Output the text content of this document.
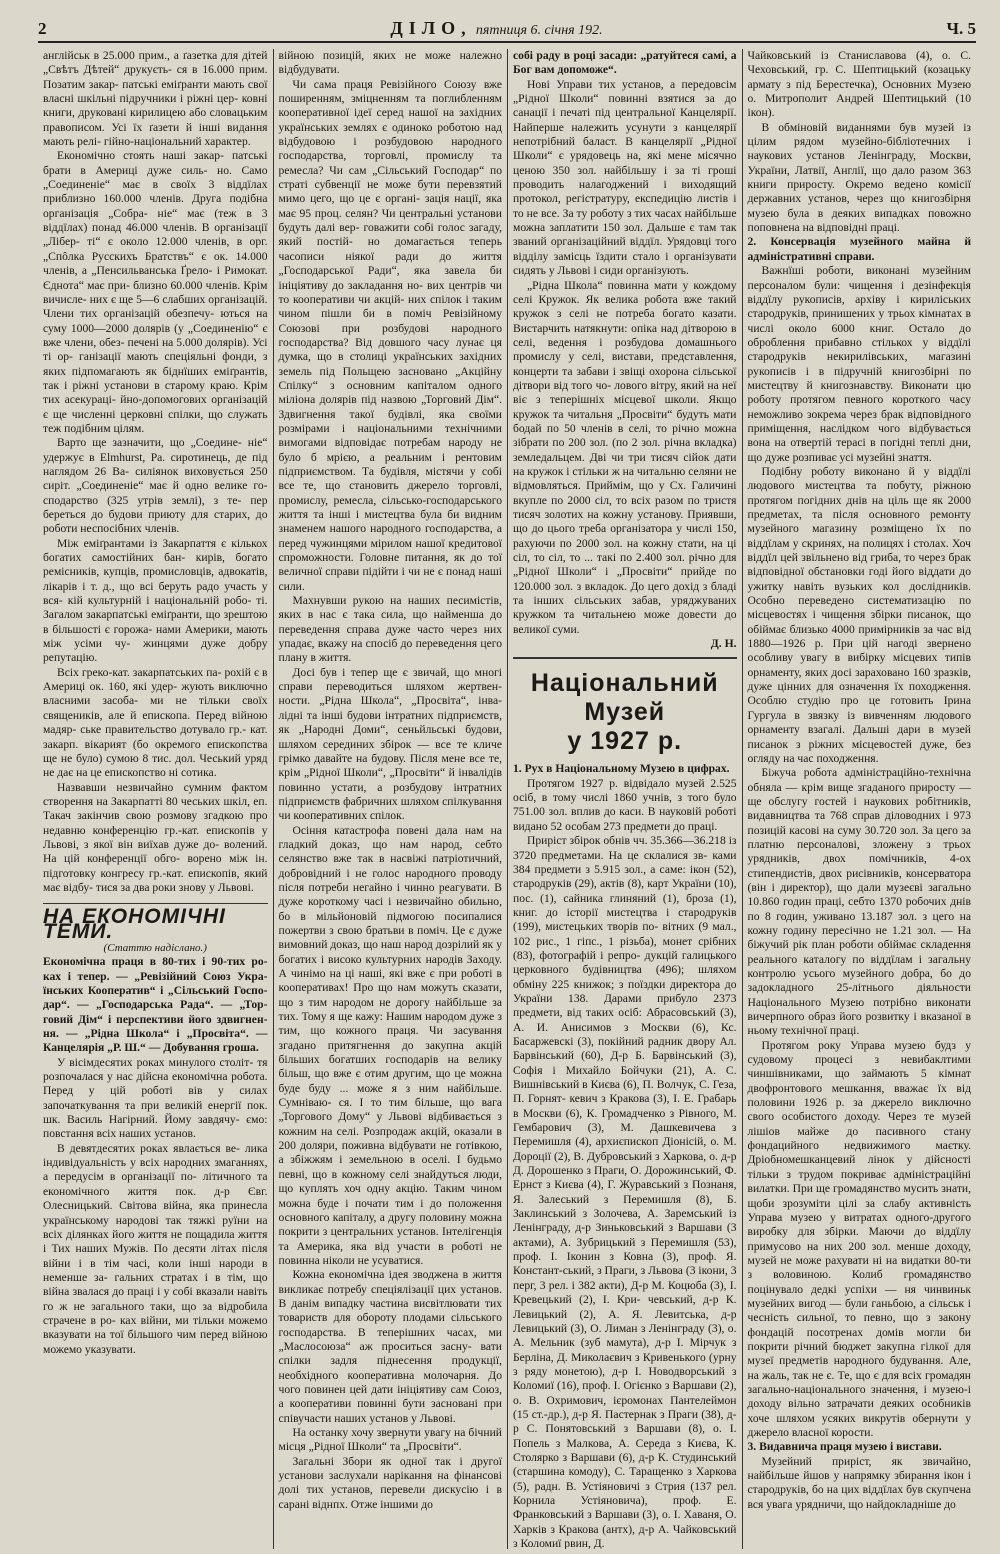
2	ДІЛО, пятниця 6. січня 192.	Ч. 5

англійськ в 25.000 прим., а ґазетка для дітей „Свѣтъ Дѣтей“ друкуєть- ся в 16.000 прим. Позатим закар- патські еміґранти мають свої власні шкільні підручники і ріжні цер- ковні книги, друковані кирилицею або словацьким правописом. Усі їх ґазети й інші видання мають релі- гійно-національний характер.

Економічно стоять наші закар- патські брати в Америці дуже силь- но. Само „Соединеніе“ має в своїх 3 віддїлах приблизно 160.000 членів. Друга подібна організація „Собра- ніе“ має (теж в 3 віддїлах) понад 46.000 членів. В організації „Лібер- ті“ є около 12.000 членів, в орг. „Спôлка Русскихъ Братствъ“ є ок. 14.000 членів, а „Пенсильванська Ґрело- і Римокат. Єднота“ має при- близно 60.000 членів. Крім вичисле- них є ще 5—6 слабших організацій. Члени тих організацій обезпечу- ються на суму 1000—2000 долярів (у „Соединенію“ є вже члени, обез- печені на 5.000 долярів). Усі ті ор- ганізації мають спеціяльні фонди, з яких підпомагають як біднїших еміґрантів, так і ріжні установи в старому краю. Крім тих асекураці- йно-допомогових організацій є ще численні церковні спілки, що служать теж подібним цілям.

Варто ще зазначити, що „Соедине- ніе“ удержує в Elmhurst, Pa. сиротинець, де під наглядом 26 Ва- силіянок виховується 250 сиріт. „Соединеніе“ має й одно велике го- сподарство (325 утрів землі), з те- пер береться до будови приюту для старих, до роботи неспосібних членів.

Між еміґрантами із Закарпаття є кількох богатих самостійних бан- кирів, богато ремісників, купців, промисловців, адвокатів, лікарів і т. д., що всі беруть радо участь у вся- кій культурній і національній робо- ті. Загалом закарпатські еміґранти, що зрештою в більшості є горожа- нами Америки, мають між усіми чу- жинцями дуже добру репутацію.

Всіх греко-кат. закарпатських па- рохій є в Америці ок. 160, які удер- жують виключно власними засоба- ми не тільки своїх священиків, але й епископа. Перед війною мадяр- ське правительство дотувало гр.- кат. закарп. вікарият (бо окремого епископства ще не було) сумою 8 тис. дол. Чеський уряд не дає на це епископство ні сотика.

Назвавши незвичайно сумним фактом створення на Закарпатті 80 чеських шкіл, еп. Такач закінчив свою розмову згадкою про недавню конференцію гр.-кат. епископів у Львові, з якої він виїхав дуже до- волений. На цій конференції обго- ворено між ін. підготовку конгресу гр.-кат. епископів, який має відбу- тися за два роки знову у Львові.

НА ЕКОНОМІЧНІ ТЕМИ.

(Статтю надіслано.)

Економічна праця в 80-тих і 90-тих ро- ках і тепер. — „Ревізійний Союз Укра- їнських Кооператив“ і „Сільський Госпо- дар“. — „Господарська Рада“. — „Тор- говий Дім“ і перспективи його здвигнен- ня. — „Рідна Школа“ і „Просвіта“. — Канцелярія „Р. Ш.“ — Добування гроша.

У вісімдесятих роках минулого століт- тя розпочалася у нас дійсна економічна робота. Перед у цій роботі вів у силах започаткування та при великій енергії пок. шк. Василь Нагірний. Йому завдячу- ємо: повстання всіх наших установ.

В девятдесятих роках явлається ве- лика індивідуальність у всіх народних змаганнях, а передусім в організації по- літичного та економічного життя пок. д-р Євг. Олесницький. Світова війна, яка принесла українському народові так тяжкі руїни на всіх ділянках його життя не пощадила життя і Тих наших Мужів. По десяти літах після війни і в тім часі, коли іншi народи в неменше за- гальних стратах і в тім, що війна звалася до праці і у собі вказали навіть го ж не загального таки, що за відробила страчене в ро- ках війни, ми тільки можемо вказувати на тої більшого чим перед війною можемо указувати.

війною позицій, яких не може належно відбудувати.

Чи сама праця Ревізійного Союзу вже поширенням, зміцненням та поглибленням кооперативної ідеї серед нашої на західних українських землях є одиноко роботою над відбудовою і розбудовою народного господарства, торговлі, промислу та ремесла? Чи сам „Сільський Господар“ по страті субвенції не може бути перевзятий мимо цего, що це є органі- зація нації, яка має 95 проц. селян? Чи центральні установи будуть далі вер- говажити собі голос загаду, який постій- но домагається теперь часописи ніякої ради до життя „Господарської Ради“, яка завела би ініціятиву до закладання но- вих центрів чи то кооперативи чи акцій- них спілок і таким чином пішли би в поміч Ревізійному Союзові при розбудові народного господарства? Від довшого часу лунає ця думка, що в столиці українських західних земель під Польщею засновано „Акційну Спілку“ з основним капіталом одного міліона долярів під назвою „Торговий Дім“. Здвигнення такої будівлі, яка своїми розмірами і національними технічними вимогами відповідає потребам народу не було б мрією, а реальним і рентовим підприємством. Та будівля, містячи у собі все те, що становить джерело торговлі, промислу, ремесла, сільсько-господарського життя та інші і мистецтва була би видним знаменем нашого народного господарства, а перед чужинцями мірилом нашої кредитової спроможности. Головне питання, як до тої величної справи підійти і чи не є понад наші сили.

Махнувши рукою на наших песимістів, яких в нас є така сила, що найменша до переведення справа дуже часто через них упадає, вкажу на спосіб до переведення цего плану в життя.

Досі був і тепер ще є звичай, що многі справи переводиться шляхом жертвен- ности. „Рідна Школа“, „Просвіта“, інва- лідні та інші будови інтратних підприємств, як „Народні Доми“, сеньйльські будови, шляхом серединих збірок — все те кличе грімко давайте на будову. Після мене все те, крім „Рідної Школи“, „Просвіти“ й інвалідів повинно устати, а розбудову інтратних підприємств фабричних шляхом спілкування чи кооперативних спілок.

Осіння катастрофа повені дала нам на гладкий доказ, що нам народ, себто селянство вже так в насвіжі патріотичний, добровідний і не голос народного проводу після потреби негайно і чинно реагувати. В дуже короткому часі і незвичайно обильно, бо в мільйоновій підмогою посипалися пожертви з свою братьви в поміч. Це є дуже вимовний доказ, що наш народ дозрілий як у богатих і високо культурних народів Заходу. А чинімо на ці наші, які вже є при роботі в кооперативах! Про що нам можуть сказати, що з тим народом не дорогу найбільше за тих. Тому я ще кажу: Нашим народом дуже з тим, що кожного праця. Чи засування згадано притягнення до закупна акцій більших богатших господарів на велику більш, що вже є отим другим, що це можна буде буду ... може я з ним найбільше. Сумніваю- ся. І то тим більше, що вага „Торгового Дому“ у Львові відбивається з кожним на селі. Розпродаж акцій, оказали в 200 доляри, поживна відбувати не готівкою, а збіжжям і земельною в оселі. І будьмо певні, що в кожному селі знайдуться люди, що куплять хоч одну акцію. Таким чином можна буде і почати тим і до положення основного капіталу, а другу половину можна покрити з центральних установ. Інтелігенція та Америка, яка від участи в роботі не повинна ніколи не усуватися.

Кожна економічна ідея зводжена в життя викликає потребу спеціялізації цих установ. В данім випадку частина висвітлювати тих товариств для обороту плодами сільського господарства. В теперішних часах, ми „Маслосоюза“ аж проситься засну- вати спілки задля піднесення продукції, необхідного кооперативна молочарня. До чого повинен цей дати ініціятиву сам Союз, а кооперативи повинні бути засновані при співучасти наших установ у Львові.

На останку хочу звернути увагу на бічний місця „Рідної Школи“ та „Просвіти“.

Загальні Збори як одної так і другої установи заслухали нарікання на фінансові долі тих установ, перевели дискусію і в сарані віднпх. Отже іншими до

собі раду в році засади: „ратуйтеся самі, а Бог вам допоможе“.

Нові Управи тих установ, а передовсім „Рідної Школи“ повинні взятися за до санації і печаті під центральної Канцелярії. Найперше належить усунути з канцелярії непотрібний баласт. В канцелярії „Рідної Школи“ є урядовець на, які мене місячно ценою 350 зол. найбільшу і за ті гроші проводить налагоджений і виходящий протокол, регістратуру, експедицію листів і то не все. За ту роботу з тих часах найбільше можна заплатити 150 зол. Дальше є там так званий організаційний віддїл. Урядовці того відділу замісць їздити стало і організувати сидять у Львові і сиди організують.

„Рідна Школа“ повинна мати у кождому селі Кружок. Як велика робота вже такий кружок з селі не потреба богато казати. Вистарчить натякнути: опіка над дітворою в селі, ведення і розбудова домашнього промислу у селі, вистави, представлення, концерти та забави і звіщі охорона сільської дітвори від того чо- лового вітру, який на неї віє з теперішніх місцевої школи. Якщо кружок та читальня „Просвіти“ будуть мати бодай по 50 членів в селі, то річно можна зібрати по 200 зол. (по 2 зол. річна вкладка) земледальцем. Дві чи три тисяч сійок дати на кружок і стільки ж на читальню селяни не відмовляться. Приймім, що у Сх. Галичині вкупле по 2000 сіл, то всіх разом по тристя тисяч золотих на кожну установу. Приявши, що до цього треба організатора у числі 150, рахуючи по 2000 зол. на кожну стати, на ці сіл, то сіл, то ... такі по 2.400 зол. річно для „Рідної Школи“ і „Просвіти“ прийде по 120.000 зол. з вкладок. До цего дохід з бладі та інших сільських забав, уряджуваних кружком та читальнею може довести до великої суми.

Д. Н.

Національний Музей
у 1927 р.

1. Рух в Національному Музею в цифрах.

Протягом 1927 р. відвідало музей 2.525 осіб, в тому числі 1860 учнів, з того було 751.00 зол. вплив до каси. В науковій роботі видано 52 особам 273 предмети до праці.

Приріст збірок обнів чч. 35.366—36.218 із 3720 предметами. На це склалися зв- ками 384 предмети з 5.915 зол., а саме: ікон (52), стародруків (29), актів (8), карт України (10), пос. (1), сайника глиняний (1), броза (1), книг. до історії мистецтва і стародруків (199), мистецьких творів по- вітних (9 мал., 102 рис., 1 гіпс., 1 різьба), монет срібних (83), фотографій і репро- дукцій галицького церковного будівництва (496); шляхом обміну 225 книжок; з поїздки директора до України 138. Дарами прибуло 2373 предмети, від таких осіб: Абрасовський (3), А. И. Анисимов з Москви (6), Кс. Басаржевскі (3), покійний радник двору Ал. Барвінський (60), Д-р Б. Барвінський (3), Софія і Михайло Бойчуки (21), А. С. Вишнівський в Києва (6), П. Волчук, С. Геза, П. Горнят- кевич з Кракова (3), І. Е. Грабарь в Москви (6), К. Громадченко з Рівного, М. Гембарович (3), М. Дашкевичева з Перемишля (4), архиєпископ Діонісій, о. М. Дороції (2), В. Дубровський з Харкова, о. д-р Д. Дорошенко з Праги, О. Дорожинський, Ф. Ернст з Києва (4), Г. Журавський з Познаня, Я. Залеський з Перемишля (8), Б. Заклинський з Золочева, А. Заремський із Ленінграду, д-р Зиньковський з Варшави (3 актами), А. Зубрицький з Перемишля (53), проф. І. Іконин з Ковна (3), проф. Я. Констант-ський, з Праги, з Львова (3 ікони, 3 перг, 3 рел. і 382 акти), Д-р М. Коцюба (3), І. Кревецький (2), І. Кри- чевський, д-р К. Левицький (2), А. Я. Левитська, д-р Левицький (3), О. Лиман з Ленінграду (3), о. А. Мельник (зуб мамута), д-р І. Мірчук з Берліна, Д. Миколаєвич з Кривенького (урну з ряду монетою), д-р І. Новодворський з Коломиї (16), проф. І. Огієнко з Варшави (2), о. В. Охримович, ієромонах Пантелеймон (15 ст.-др.), д-р Я. Пастернак з Праги (38), д-р С. Понятовський з Варшави (8), о. І. Попель з Малкова, А. Середа з Києва, К. Столярко з Варшави (6), д-р К. Студинський (старшина комоду), С. Таращенко з Харкова (5), радн. В. Устіяновичі з Стрия (137 рел. Корнила Устіяновича), проф. Е. Франковський з Варшави (3), о. І. Хаваня, О. Харків з Кракова (антх), д-р А. Чайковський з Коломиї рвин, Д.

Чайковський із Станиславова (4), о. С. Чеховський, гр. С. Шептицький (козацьку армату з під Берестечка), Основних Музею о. Митрополит Андрей Шептицький (10 ікон).

В обміновій виданнями був музей із цілим рядом музейно-бібліотечних і наукових установ Ленінграду, Москви, України, Латвії, Англії, що дало разом 363 книги приросту. Окремо ведено комісії державних установ, через що книгозбірня музею була в деяких випадках повожно поповнена на відповідні праці.

2. Консервація музейного майна й адміністративні справи.

Важнїші роботи, виконані музейним персоналом були: чищення і дезінфекція віддїлу рукописів, архіву і кириліських стародруків, принишених у трьох кімнатах в числі около 6000 книг. Остало до оброблення прибавно стількох у віддїлі стародруків некирилівських, магазині рукописів і в підручній книгозбірні по мистецтву й книгознавству. Виконати цю роботу протягом певного короткого часу неможливо зокрема через брак відповідного приміщення, наслідком чого відбувається вона на отвертій терасі в погідні теплі дни, що дуже розпиває усі музейні знаття.

Подібну роботу виконано й у віддїлі людового мистецтва та побуту, ріжною протягом погідних днів на ціль ще як 2000 предметах, та після основного ремонту музейного магазину розміщено їх по віддїлам у скринях, на полицях і столах. Хоч віддїл цей звільнено від гриба, то через брак відповідної обстановки годі його віддати до ужитку навіть вузьких кол дослідників. Особно переведено систематизацію по місцевостях і чищення збірки писанок, що обіймає близько 4000 примірників за час від 1880—1926 р. При цій нагоді звернено особливу увагу в вибірку місцевих типів орнаменту, яких досі зарахованo 160 зразків, дуже цінних для означення їх походження. Особлю студію про це готовить Ірина Гургула в звязку із вивченням людового орнаменту взагалі. Дальші дари в музей писанок з ріжних місцевостей дуже, без огляду на час походження.

Біжуча робота адміністраційно-технічна обняла — крім вище згаданого приросту — ще обслугу гостей і наукових робітників, видавництва та 768 справ діловодних і 973 позицій касові на суму 30.720 зол. За цего за платню персоналові, зложену з трьох урядників, двох помічників, 4-ох стипендистів, двох рисівників, консерватора (він і директор), що дали музеєві загально 10.860 годин праці, себто 1370 робочих днів по 8 годин, уживано 13.187 зол. з цего на кожну годину пересічно не 1.21 зол. — На біжучий рік план роботи обіймає складення реального каталогу по віддїлам і загальну контролю усього музейного добра, бо до задокладного 25-літнього діяльности Національного Музею потрібно виконати вичерпного образ його розвитку і вказаної в ньому технічної праці.

Протягом року Управа музею будз у судовому процесі з невибаклтими чиншівниками, що займають 5 кімнат двофронтового мешкання, вважає їх від половини 1926 р. за джерело виключно свого особистого доходу. Через те музей лішіов майже до пасивного стану фондацийного недвижимого маєтку. Дріобномешканцевий лінок у дійсності тільки з трудом покриває адміністраційні вилатки. При ще громадянство мусить знати, щоби зрозуміти цілі за слабу активність Управа музею у витратах одного-другого виробку для збірки. Маючи до віддїлу примусово на них 200 зол. менше доходу, музей не може рахувати ні на видатки 80-ти з воловиною. Колиб громадянство поцінувало дедкі успіхи — ня чинвиньк музейних вигод — були ганьбою, а сільськ і чесність сильної, то певно, що з закону фондацій посотренах домів могли би покрити річний бюджет закупна гілкої для музеї предметів народного будування. Але, на жаль, так не є. Те, що є для всіх громадян загально-національного значення, і музею-і доходу вільно затрачати деяких особників хоче шляхом усяких викрутів обернути у джерело власної корости.

3. Видавнича праця музею і вистави.

Музейний приріст, як звичайно, найбільше йшов у напрямку збирання ікон і стародруків, бо на цих віддїлах був скупчена вся увага урядничи, що найдокладніше до
